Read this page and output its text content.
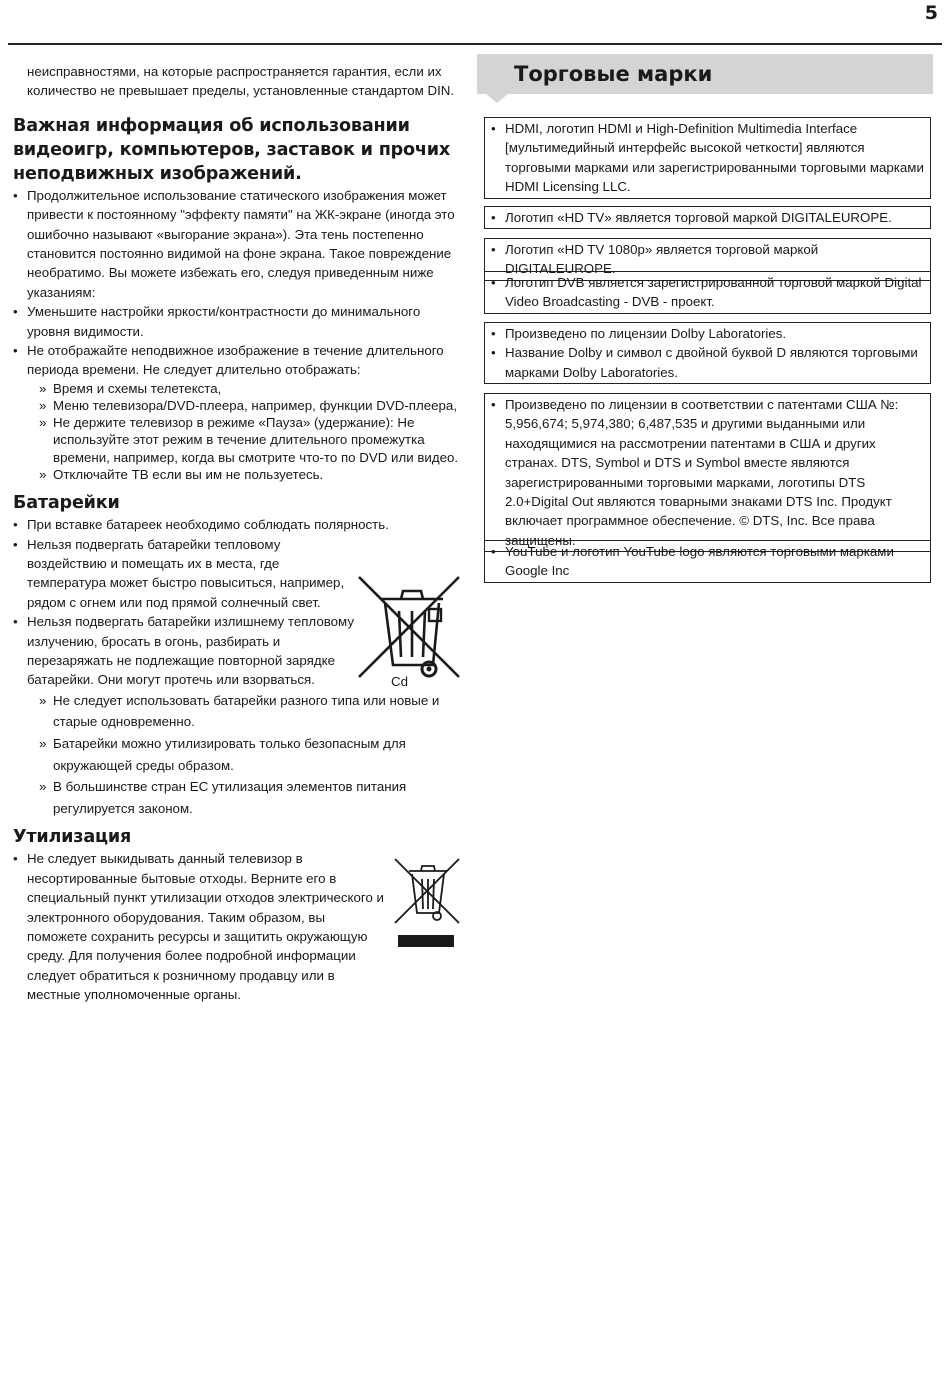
5

неисправностями, на которые распространяется гарантия, если их количество не превышает пределы, установленные стандартом DIN.

Важная информация об использовании видеоигр, компьютеров, заставок и прочих неподвижных изображений.
• Продолжительное использование статического изображения может привести к постоянному "эффекту памяти" на ЖК-экране (иногда это ошибочно называют «выгорание экрана»). Эта тень постепенно становится постоянно видимой на фоне экрана. Такое повреждение необратимо. Вы можете избежать его, следуя приведенным ниже указаниям:
• Уменьшите настройки яркости/контрастности до минимального уровня видимости.
• Не отображайте неподвижное изображение в течение длительного периода времени. Не следует длительно отображать:
» Время и схемы телетекста,
» Меню телевизора/DVD-плеера, например, функции DVD-плеера,
» Не держите телевизор в режиме «Пауза» (удержание): Не используйте этот режим в течение длительного промежутка времени, например, когда вы смотрите что-то по DVD или видео.
» Отключайте ТВ если вы им не пользуетесь.
Батарейки
• При вставке батареек необходимо соблюдать полярность.
• Нельзя подвергать батарейки тепловому воздействию и помещать их в места, где температура может быстро повыситься, например, рядом с огнем или под прямой солнечный свет.
• Нельзя подвергать батарейки излишнему тепловому излучению, бросать в огонь, разбирать и перезаряжать не подлежащие повторной зарядке батарейки. Они могут протечь или взорваться.
» Не следует использовать батарейки разного типа или новые и старые одновременно.
» Батарейки можно утилизировать только безопасным для окружающей среды образом.
» В большинстве стран ЕС утилизация элементов питания регулируется законом.
Cd
Утилизация
• Не следует выкидывать данный телевизор в несортированные бытовые отходы. Верните его в специальный пункт утилизации отходов электрического и электронного оборудования. Таким образом, вы поможете сохранить ресурсы и защитить окружающую среду. Для получения более подробной информации следует обратиться к розничному продавцу или в местные уполномоченные органы.
Торговые марки
• HDMI, логотип HDMI и High-Definition Multimedia Interface [мультимедийный интерфейс высокой четкости] являются торговыми марками или зарегистрированными торговыми марками HDMI Licensing LLC.
• Логотип «HD TV» является торговой маркой DIGITALEUROPE.
• Логотип «HD TV 1080p» является торговой маркой DIGITALEUROPE.
• Логотип DVB является зарегистрированной торговой маркой Digital Video Broadcasting - DVB - проект.
• Произведено по лицензии Dolby Laboratories.
• Название Dolby и символ с двойной буквой D являются торговыми марками Dolby Laboratories.
• Произведено по лицензии в соответствии с патентами США №: 5,956,674; 5,974,380; 6,487,535 и другими выданными или находящимися на рассмотрении патентами в США и других странах. DTS, Symbol и DTS и Symbol вместе являются зарегистрированными торговыми марками, логотипы DTS 2.0+Digital Out являются товарными знаками DTS Inc. Продукт включает программное обеспечение. © DTS, Inc. Все права защищены.
• YouTube и логотип YouTube logo являются торговыми марками Google Inc
